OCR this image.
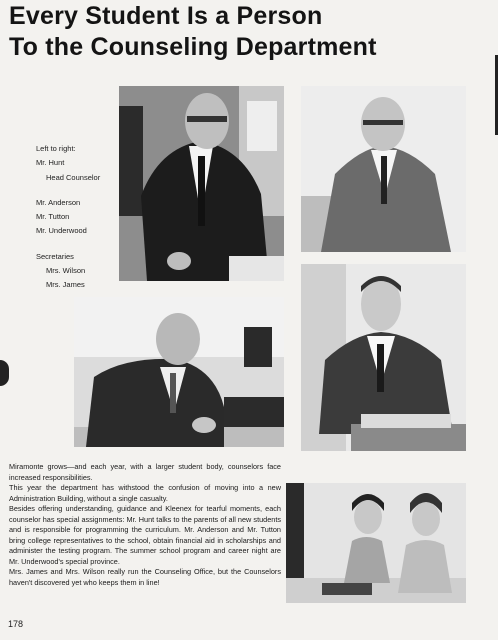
Every Student Is a Person
To the Counseling Department
Left to right:
Mr. Hunt
Head Counselor
Mr. Anderson
Mr. Tutton
Mr. Underwood
Secretaries
Mrs. Wilson
Mrs. James

Miramonte grows—and each year, with a larger student body, counselors face increased responsibilities.

This year the department has withstood the confusion of moving into a new Administration Building, without a single casualty.

Besides offering understanding, guidance and Kleenex for tearful moments, each counselor has special assignments: Mr. Hunt talks to the parents of all new students and is responsible for programming the curriculum. Mr. Anderson and Mr. Tutton bring college representatives to the school, obtain financial aid in scholarships and administer the testing program. The summer school program and career night are Mr. Underwood's special province.

Mrs. James and Mrs. Wilson really run the Counseling Office, but the Counselors haven't discovered yet who keeps them in line!

178
